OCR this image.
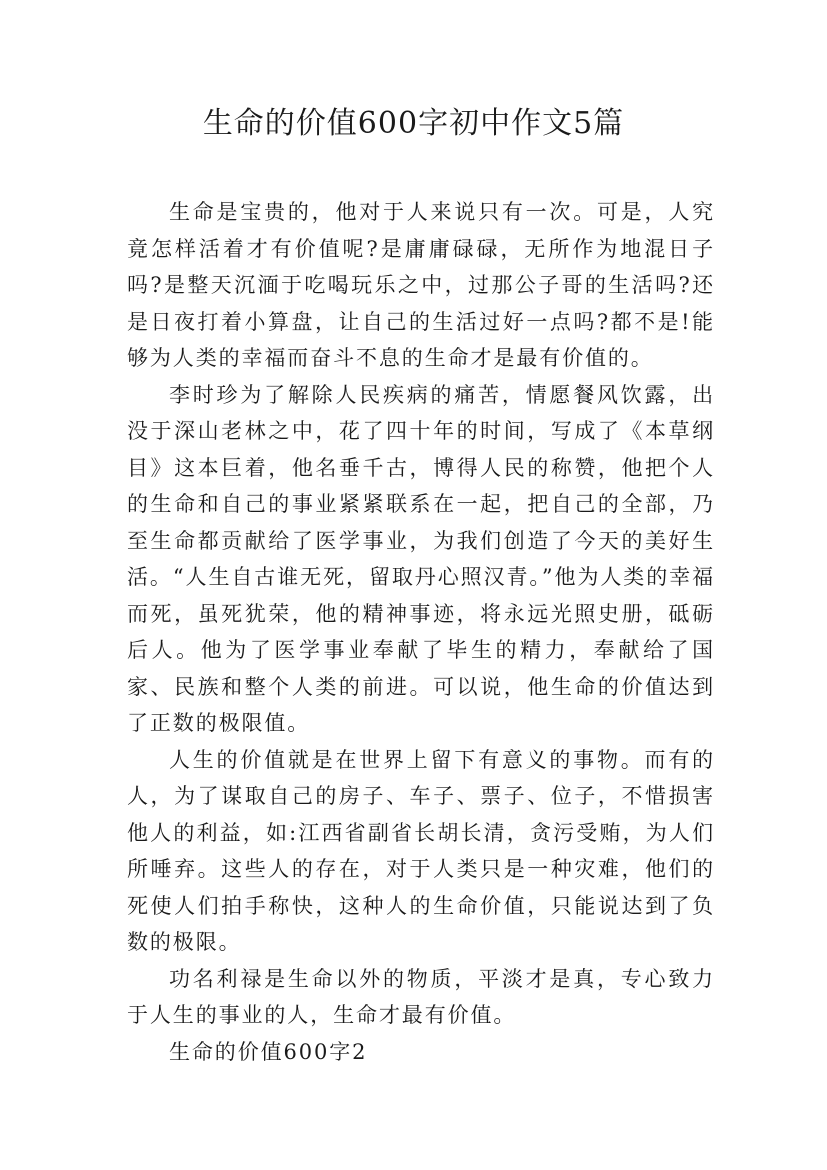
生命的价值600字初中作文5篇

生命是宝贵的，他对于人来说只有一次。可是，人究竟怎样活着才有价值呢?是庸庸碌碌，无所作为地混日子吗?是整天沉湎于吃喝玩乐之中，过那公子哥的生活吗?还是日夜打着小算盘，让自己的生活过好一点吗?都不是!能够为人类的幸福而奋斗不息的生命才是最有价值的。

李时珍为了解除人民疾病的痛苦，情愿餐风饮露，出没于深山老林之中，花了四十年的时间，写成了《本草纲目》这本巨着，他名垂千古，博得人民的称赞，他把个人的生命和自己的事业紧紧联系在一起，把自己的全部，乃至生命都贡献给了医学事业，为我们创造了今天的美好生活。“人生自古谁无死，留取丹心照汉青。”他为人类的幸福而死，虽死犹荣，他的精神事迹，将永远光照史册，砥砺后人。他为了医学事业奉献了毕生的精力，奉献给了国家、民族和整个人类的前进。可以说，他生命的价值达到了正数的极限值。

人生的价值就是在世界上留下有意义的事物。而有的人，为了谋取自己的房子、车子、票子、位子，不惜损害他人的利益，如:江西省副省长胡长清，贪污受贿，为人们所唾弃。这些人的存在，对于人类只是一种灾难，他们的死使人们拍手称快，这种人的生命价值，只能说达到了负数的极限。

功名利禄是生命以外的物质，平淡才是真，专心致力于人生的事业的人，生命才最有价值。

生命的价值600字2
